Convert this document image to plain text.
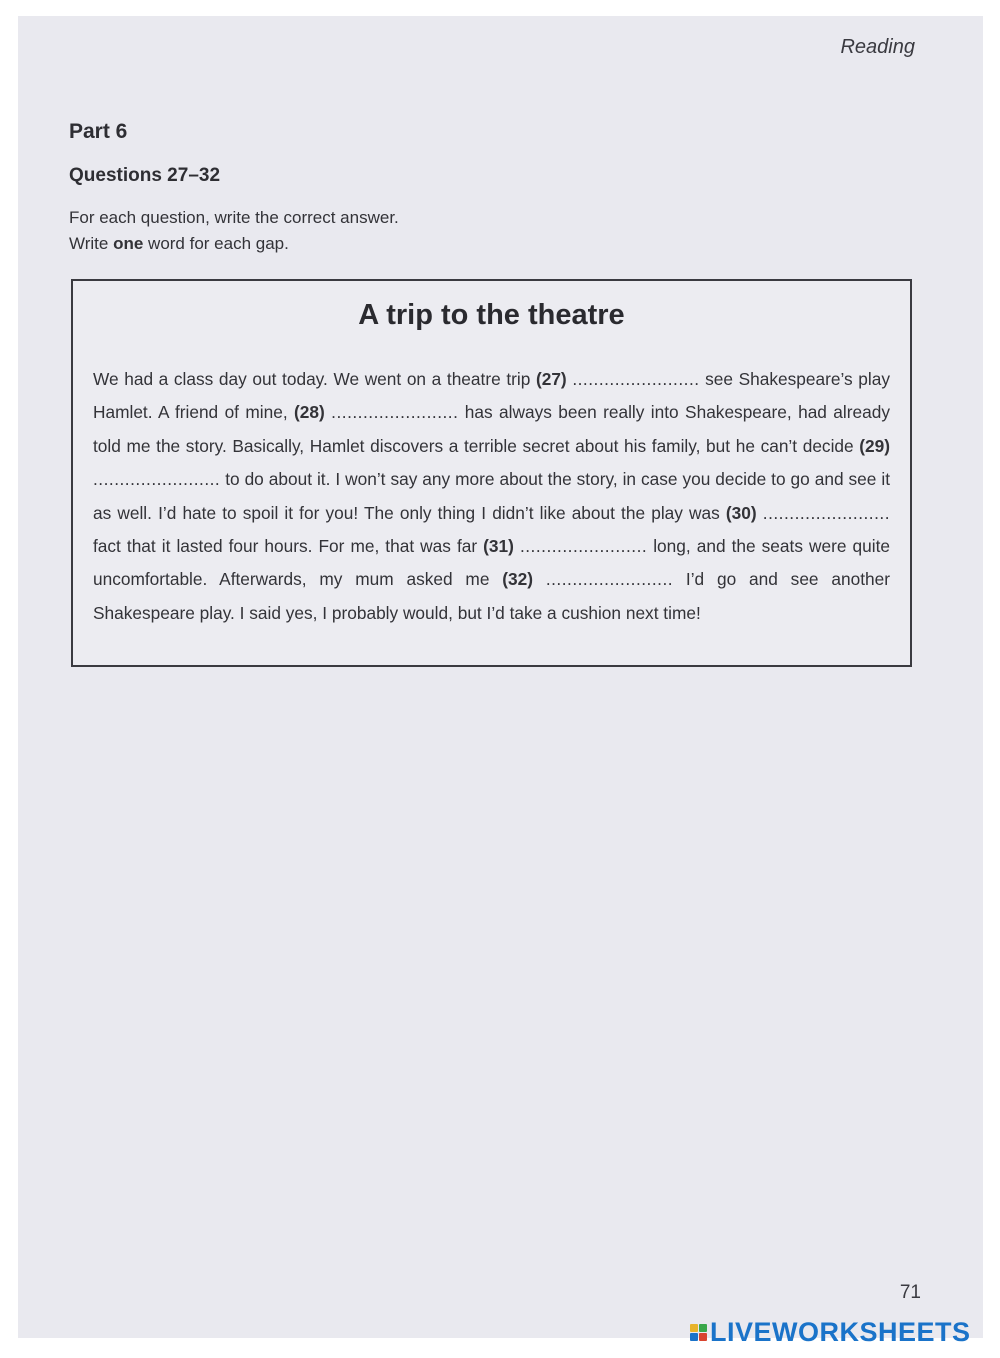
Reading
Part 6
Questions 27–32
For each question, write the correct answer.
Write one word for each gap.
A trip to the theatre
We had a class day out today. We went on a theatre trip (27) ........................ see Shakespeare’s play Hamlet. A friend of mine, (28) ........................ has always been really into Shakespeare, had already told me the story. Basically, Hamlet discovers a terrible secret about his family, but he can’t decide (29) ........................ to do about it. I won’t say any more about the story, in case you decide to go and see it as well. I’d hate to spoil it for you! The only thing I didn’t like about the play was (30) ........................ fact that it lasted four hours. For me, that was far (31) ........................ long, and the seats were quite uncomfortable. Afterwards, my mum asked me (32) ........................ I’d go and see another Shakespeare play. I said yes, I probably would, but I’d take a cushion next time!
71
LIVEWORKSHEETS
